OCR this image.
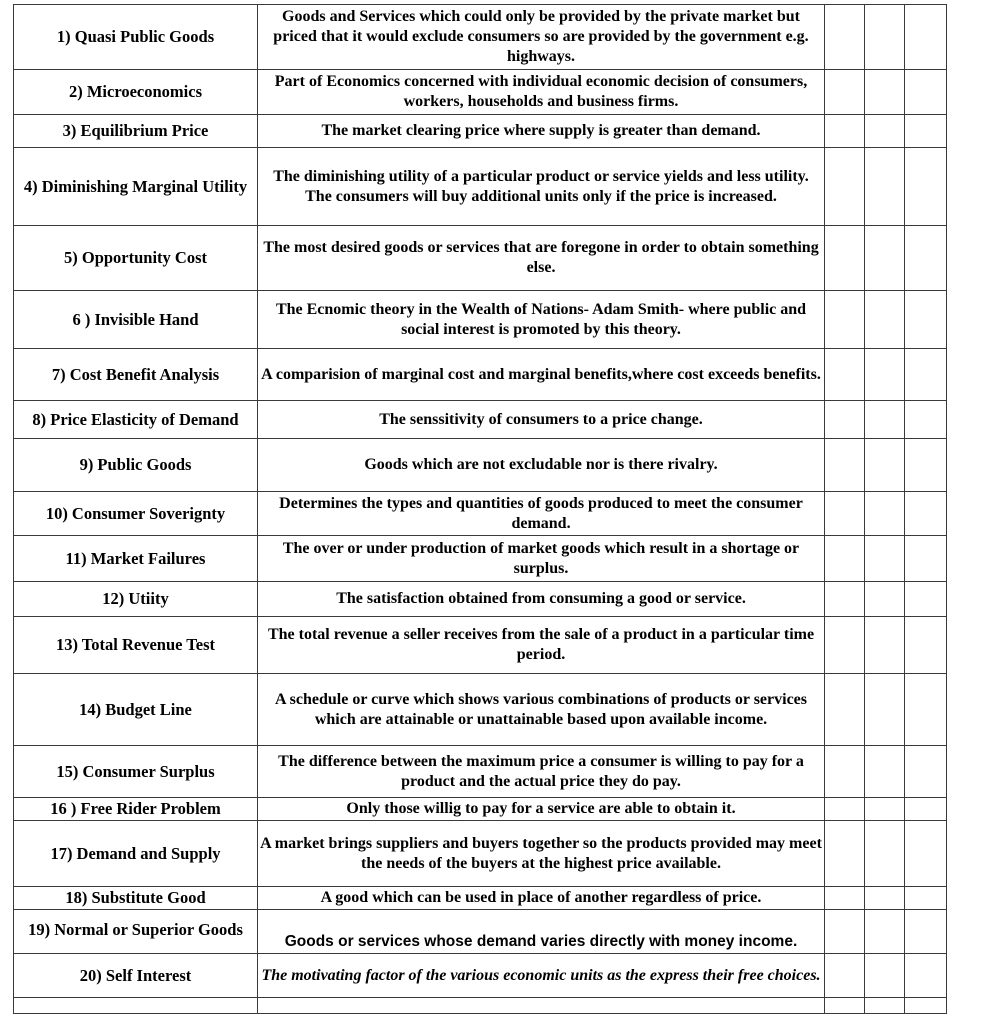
1) Quasi Public Goods	Goods and Services which could only be provided by the private market but priced that it would exclude consumers so are provided by the government e.g. highways.			
2) Microeconomics	Part of Economics concerned with individual economic decision of consumers, workers, households and business firms.			
3) Equilibrium Price	The market clearing price where supply is greater than demand.			
4) Diminishing Marginal Utility	The diminishing utility of a particular product or service yields and less utility. The consumers will buy additional units only if the price is increased.			
5) Opportunity Cost	The most desired goods or services that are foregone in order to obtain something else.			
6 ) Invisible Hand	The Ecnomic theory in the Wealth of Nations- Adam Smith- where public and social interest is promoted by this theory.			
7) Cost Benefit Analysis	A comparision of marginal cost and marginal benefits,where cost exceeds benefits.			
8) Price Elasticity of Demand	The senssitivity of consumers to a price change.			
9) Public Goods	Goods which are not excludable nor is there rivalry.			
10) Consumer Soverignty	Determines the types and quantities of goods produced to meet the consumer demand.			
11) Market Failures	The over or under production of market goods which result in a shortage or surplus.			
12) Utiity	The satisfaction obtained from consuming a good or service.			
13) Total Revenue Test	The total revenue a seller receives from the sale of a product in a particular time period.			
14) Budget Line	A schedule or curve which shows various combinations of products or services which are attainable or unattainable based upon available income.			
15) Consumer Surplus	The difference between the maximum price a consumer is willing to pay for a product and the actual price they do pay.			
16 ) Free Rider Problem	Only those willig to pay for a service are able to obtain it.			
17) Demand and Supply	A market brings suppliers and buyers together so the products provided may meet the needs of the buyers at the highest price available.			
18) Substitute Good	A good which can be used in place of another regardless of price.			
19) Normal or Superior Goods	Goods or services whose demand varies directly with money income.			
20) Self Interest	The motivating factor of the various economic units as the express their free choices.			
